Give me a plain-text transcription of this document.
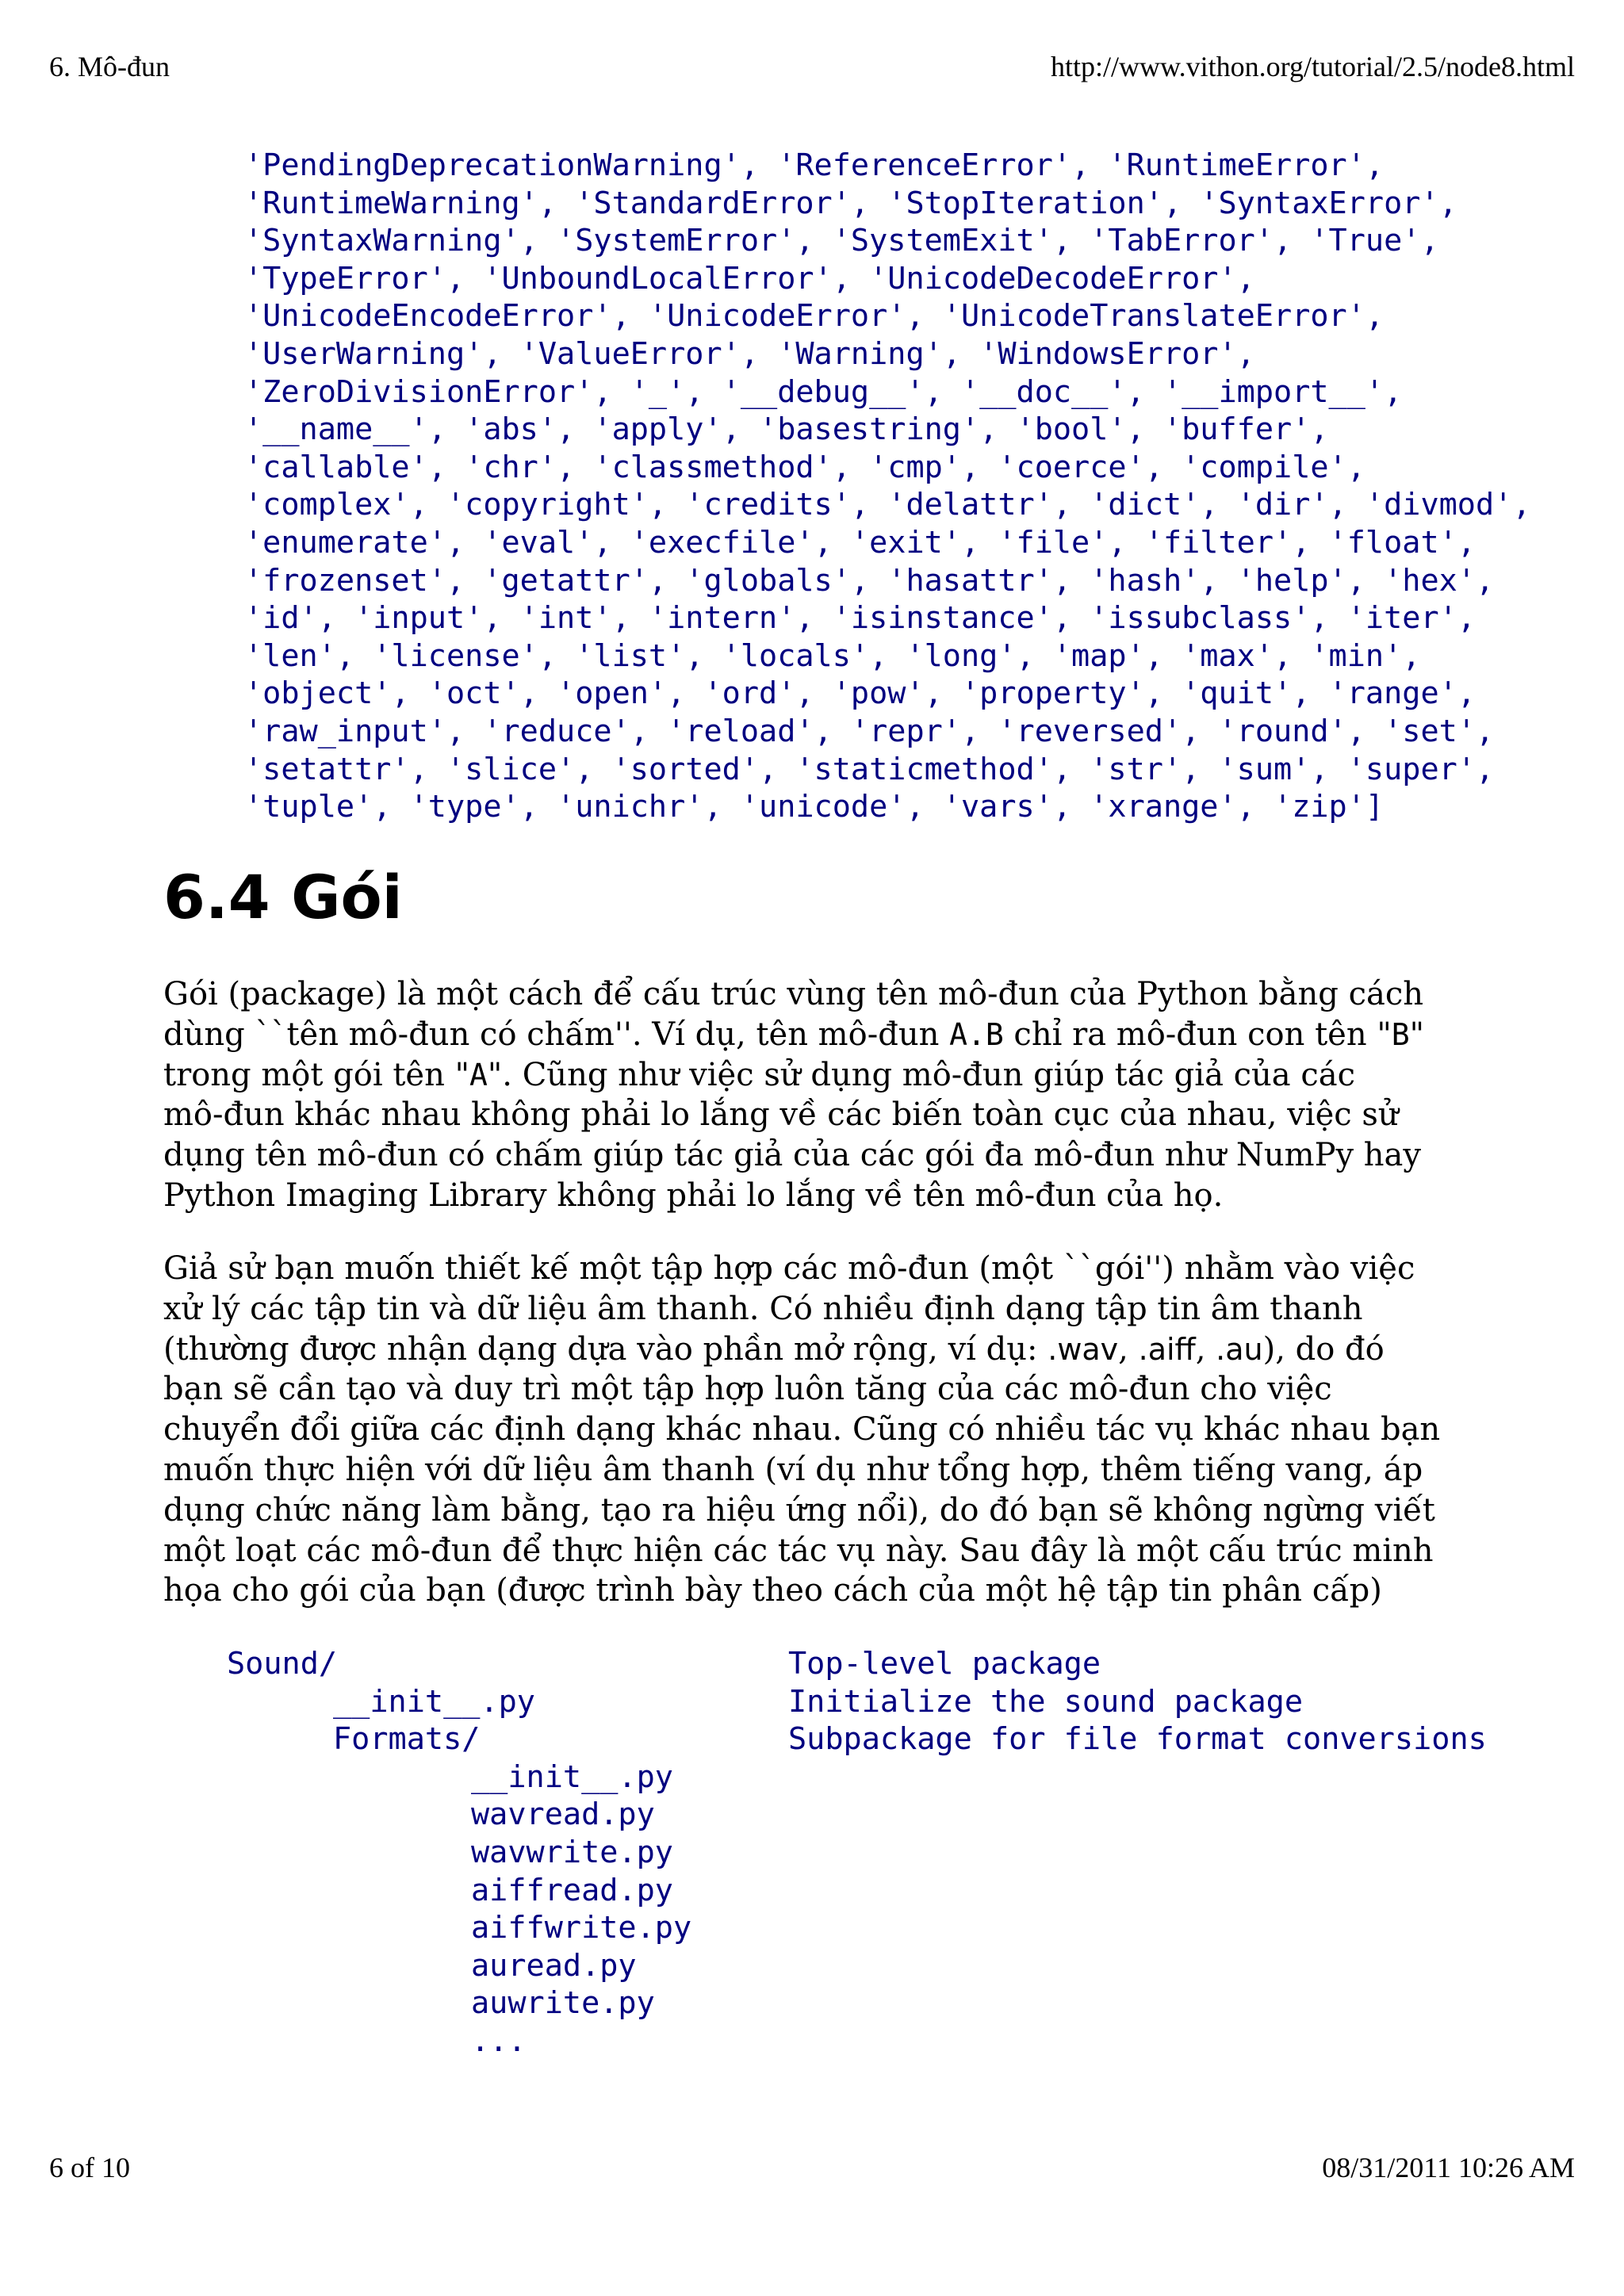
6. Mô-đun	http://www.vithon.org/tutorial/2.5/node8.html
'PendingDeprecationWarning', 'ReferenceError', 'RuntimeError',
'RuntimeWarning', 'StandardError', 'StopIteration', 'SyntaxError',
'SyntaxWarning', 'SystemError', 'SystemExit', 'TabError', 'True',
'TypeError', 'UnboundLocalError', 'UnicodeDecodeError',
'UnicodeEncodeError', 'UnicodeError', 'UnicodeTranslateError',
'UserWarning', 'ValueError', 'Warning', 'WindowsError',
'ZeroDivisionError', '_', '__debug__', '__doc__', '__import__',
'__name__', 'abs', 'apply', 'basestring', 'bool', 'buffer',
'callable', 'chr', 'classmethod', 'cmp', 'coerce', 'compile',
'complex', 'copyright', 'credits', 'delattr', 'dict', 'dir', 'divmod',
'enumerate', 'eval', 'execfile', 'exit', 'file', 'filter', 'float',
'frozenset', 'getattr', 'globals', 'hasattr', 'hash', 'help', 'hex',
'id', 'input', 'int', 'intern', 'isinstance', 'issubclass', 'iter',
'len', 'license', 'list', 'locals', 'long', 'map', 'max', 'min',
'object', 'oct', 'open', 'ord', 'pow', 'property', 'quit', 'range',
'raw_input', 'reduce', 'reload', 'repr', 'reversed', 'round', 'set',
'setattr', 'slice', 'sorted', 'staticmethod', 'str', 'sum', 'super',
'tuple', 'type', 'unichr', 'unicode', 'vars', 'xrange', 'zip']
6.4 Gói

Gói (package) là một cách để cấu trúc vùng tên mô-đun của Python bằng cách
dùng ``tên mô-đun có chấm''. Ví dụ, tên mô-đun A.B chỉ ra mô-đun con tên "B"
trong một gói tên "A". Cũng như việc sử dụng mô-đun giúp tác giả của các
mô-đun khác nhau không phải lo lắng về các biến toàn cục của nhau, việc sử
dụng tên mô-đun có chấm giúp tác giả của các gói đa mô-đun như NumPy hay
Python Imaging Library không phải lo lắng về tên mô-đun của họ.

Giả sử bạn muốn thiết kế một tập hợp các mô-đun (một ``gói'') nhằm vào việc
xử lý các tập tin và dữ liệu âm thanh. Có nhiều định dạng tập tin âm thanh
(thường được nhận dạng dựa vào phần mở rộng, ví dụ: .wav, .aiff, .au), do đó
bạn sẽ cần tạo và duy trì một tập hợp luôn tăng của các mô-đun cho việc
chuyển đổi giữa các định dạng khác nhau. Cũng có nhiều tác vụ khác nhau bạn
muốn thực hiện với dữ liệu âm thanh (ví dụ như tổng hợp, thêm tiếng vang, áp
dụng chức năng làm bằng, tạo ra hiệu ứng nổi), do đó bạn sẽ không ngừng viết
một loạt các mô-đun để thực hiện các tác vụ này. Sau đây là một cấu trúc minh
họa cho gói của bạn (được trình bày theo cách của một hệ tập tin phân cấp)

Sound/	Top-level package
__init__.py	Initialize the sound package
Formats/	Subpackage for file format conversions
__init__.py
wavread.py
wavwrite.py
aiffread.py
aiffwrite.py
auread.py
auwrite.py
...
6 of 10	08/31/2011 10:26 AM
